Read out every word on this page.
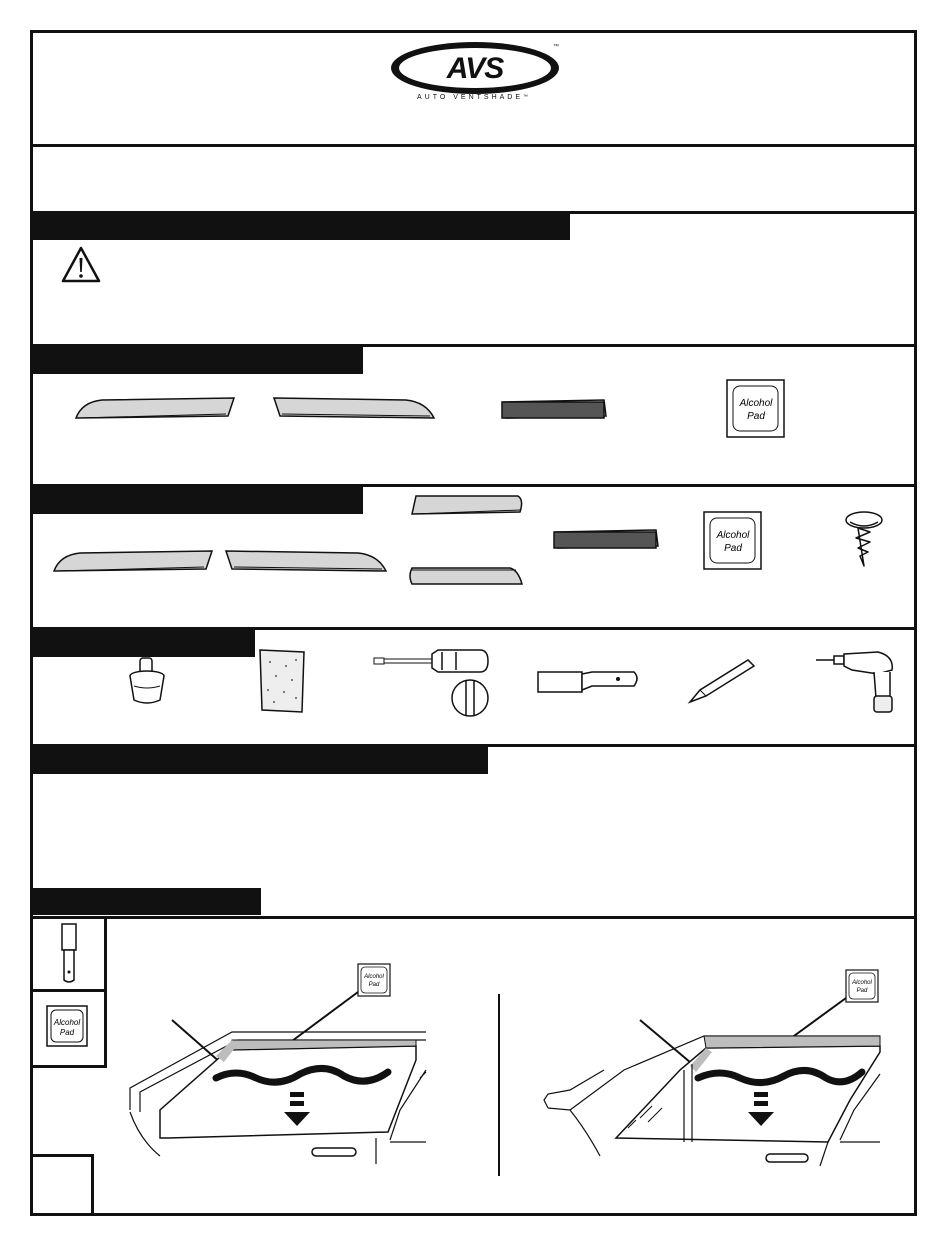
AVS
™
AUTO VENTSHADE™
Alcohol
Pad
Alcohol
Pad
Alcohol
Pad
Alcohol
Pad	Alcohol
Pad
